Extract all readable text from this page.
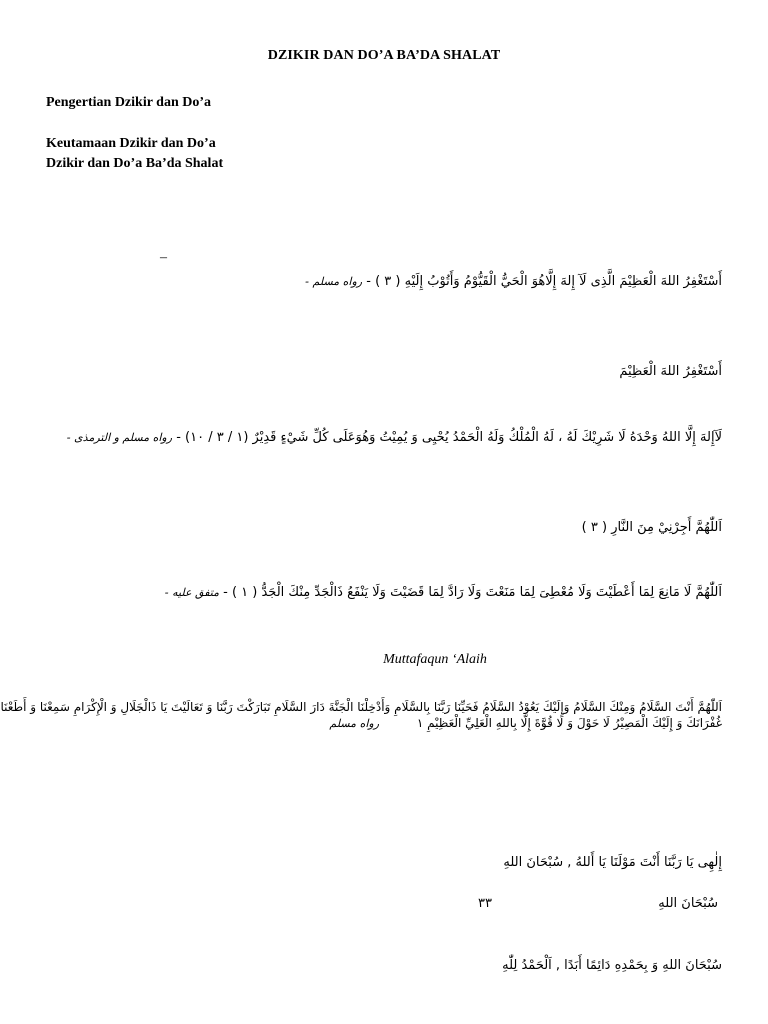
DZIKIR DAN DO’A BA’DA SHALAT
Pengertian Dzikir dan Do’a
Keutamaan Dzikir dan Do’a
Dzikir dan Do’a Ba’da Shalat
–
أَسْتَغْفِرُ اللهَ الْعَظِيْمَ الَّذِى لَآ إِلهَ إِلَّاهُوَ الْحَيُّ الْقَيُّوْمُ وَأَتُوْبُ إِلَيْهِ ( ٣ ) - رواه مسلم -
أَسْتَغْفِرُ اللهَ الْعَظِيْمَ
لَآإِلهَ إِلَّا اللهُ وَحْدَهُ لَا شَرِيْكَ لَهُ ، لَهُ الْمُلْكُ وَلَهُ الْحَمْدُ يُحْيِى وَ يُمِيْتُ وَهُوَعَلَى كُلِّ شَيْءٍ قَدِيْرٌ (١ / ٣ / ١٠) - رواه مسلم و الترمذى -
اَللّٰهُمَّ أَجِرْنِيْ مِنَ النَّارِ ( ٣ )
اَللّٰهُمَّ لَا مَانِعَ لِمَا أَعْطَيْتَ وَلَا مُعْطِىَ لِمَا مَنَعْتَ وَلَا رَادَّ لِمَا قَضَيْتَ وَلَا يَنْفَعُ ذَالْجَدِّ مِنْكَ الْجَدُّ ( ١ ) - متفق عليه -
Muttafaqun ‘Alaih
اَللّٰهُمَّ أَنْتَ السَّلَامُ وَمِنْكَ السَّلَامُ وَإِلَيْكَ يَعُوْدُ السَّلَامُ فَحَيِّنَا رَبَّنَا بِالسَّلَامِ وَأَدْخِلْنَا الْجَنَّةَ دَارَ السَّلَامِ تَبَارَكْتَ رَبَّنَا وَ تَعَالَيْتَ يَا ذَالْجَلَالِ وَ الْإِكْرَامِ سَمِعْنَا وَ أَطَعْنَا
غُفْرَانَكَ وَ إِلَيْكَ الْمَصِيْرُ لَا حَوْلَ وَ لَا قُوَّةَ إِلَّا بِاللهِ الْعَلِيِّ الْعَظِيْمِ ١ رواه مسلم
إِلٰهِى يَا رَبَّنَا أَنْتَ مَوْلَنَا يَا أَللهُ , سُبْحَانَ اللهِ
سُبْحَانَ اللهِ
٣٣
سُبْحَانَ اللهِ وَ بِحَمْدِهِ دَائِمًا أَبَدًا , اَلْحَمْدُ لِلّٰهِ
